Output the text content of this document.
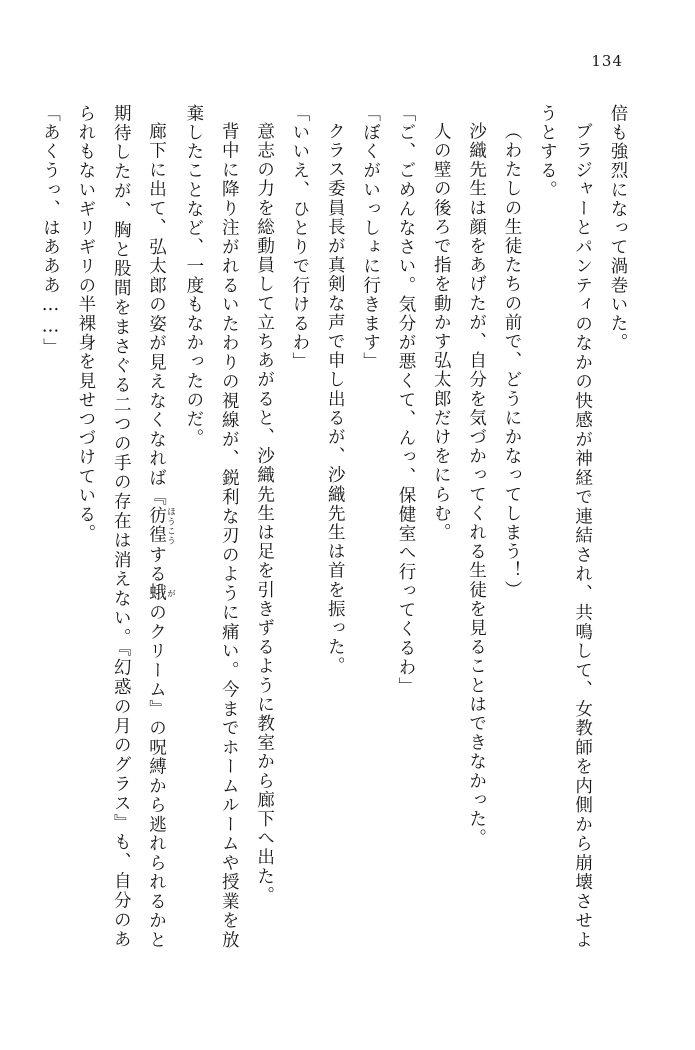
134

倍も強烈になって渦巻いた。

ブラジャーとパンティのなかの快感が神経で連結され、共鳴して、女教師を内側から崩壊させようとする。

（わたしの生徒たちの前で、どうにかなってしまう！）

沙織先生は顔をあげたが、自分を気づかってくれる生徒を見ることはできなかった。

人の壁の後ろで指を動かす弘太郎だけをにらむ。

「ご、ごめんなさい。気分が悪くて、んっ、保健室へ行ってくるわ」

「ぼくがいっしょに行きます」

クラス委員長が真剣な声で申し出るが、沙織先生は首を振った。

「いいえ、ひとりで行けるわ」

意志の力を総動員して立ちあがると、沙織先生は足を引きずるように教室から廊下へ出た。

背中に降り注がれるいたわりの視線が、鋭利な刃のように痛い。今までホームルームや授業を放棄したことなど、一度もなかったのだ。

廊下に出て、弘太郎の姿が見えなくなれば『彷徨 ほうこうする蛾 がのクリーム』の呪縛から逃れられるかと期待したが、胸と股間をまさぐる二つの手の存在は消えない。『幻惑の月のグラス』も、自分のあられもないギリギリの半裸身を見せつづけている。

「あくうっ、はあああ……」
